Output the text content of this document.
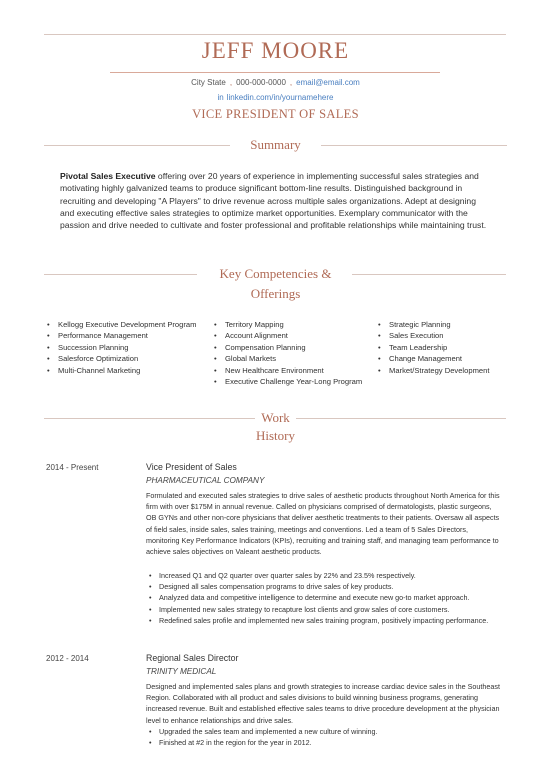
JEFF MOORE
City State , 000-000-0000 , email@email.com
in linkedin.com/in/yournamehere
VICE PRESIDENT OF SALES
Summary
Pivotal Sales Executive offering over 20 years of experience in implementing successful sales strategies and motivating highly galvanized teams to produce significant bottom-line results. Distinguished background in recruiting and developing "A Players" to drive revenue across multiple sales organizations. Adept at designing and executing effective sales strategies to optimize market opportunities. Exemplary communicator with the passion and drive needed to cultivate and foster professional and profitable relationships while maintaining trust.
Key Competencies &
Offerings
• Kellogg Executive Development Program
• Performance Management
• Succession Planning
• Salesforce Optimization
• Multi-Channel Marketing
• Territory Mapping
• Account Alignment
• Compensation Planning
• Global Markets
• New Healthcare Environment
• Executive Challenge Year-Long Program
• Strategic Planning
• Sales Execution
• Team Leadership
• Change Management
• Market/Strategy Development
Work
History
2014 - Present	Vice President of Sales
PHARMACEUTICAL COMPANY
Formulated and executed sales strategies to drive sales of aesthetic products throughout North America for this firm with over $175M in annual revenue. Called on physicians comprised of dermatologists, plastic surgeons, OB GYNs and other non-core physicians that deliver aesthetic treatments to their patients. Oversaw all aspects of field sales, inside sales, sales training, meetings and conventions. Led a team of 5 Sales Directors, monitoring Key Performance Indicators (KPIs), recruiting and training staff, and managing team performance to achieve sales objectives on Valeant aesthetic products.
• Increased Q1 and Q2 quarter over quarter sales by 22% and 23.5% respectively.
• Designed all sales compensation programs to drive sales of key products.
• Analyzed data and competitive intelligence to determine and execute new go-to market approach.
• Implemented new sales strategy to recapture lost clients and grow sales of core customers.
• Redefined sales profile and implemented new sales training program, positively impacting performance.
2012 - 2014	Regional Sales Director
TRINITY MEDICAL
Designed and implemented sales plans and growth strategies to increase cardiac device sales in the Southeast Region. Collaborated with all product and sales divisions to build winning business programs, generating increased revenue. Built and established effective sales teams to drive procedure development at the physician level to enhance relationships and drive sales.
• Upgraded the sales team and implemented a new culture of winning.
• Finished at #2 in the region for the year in 2012.
